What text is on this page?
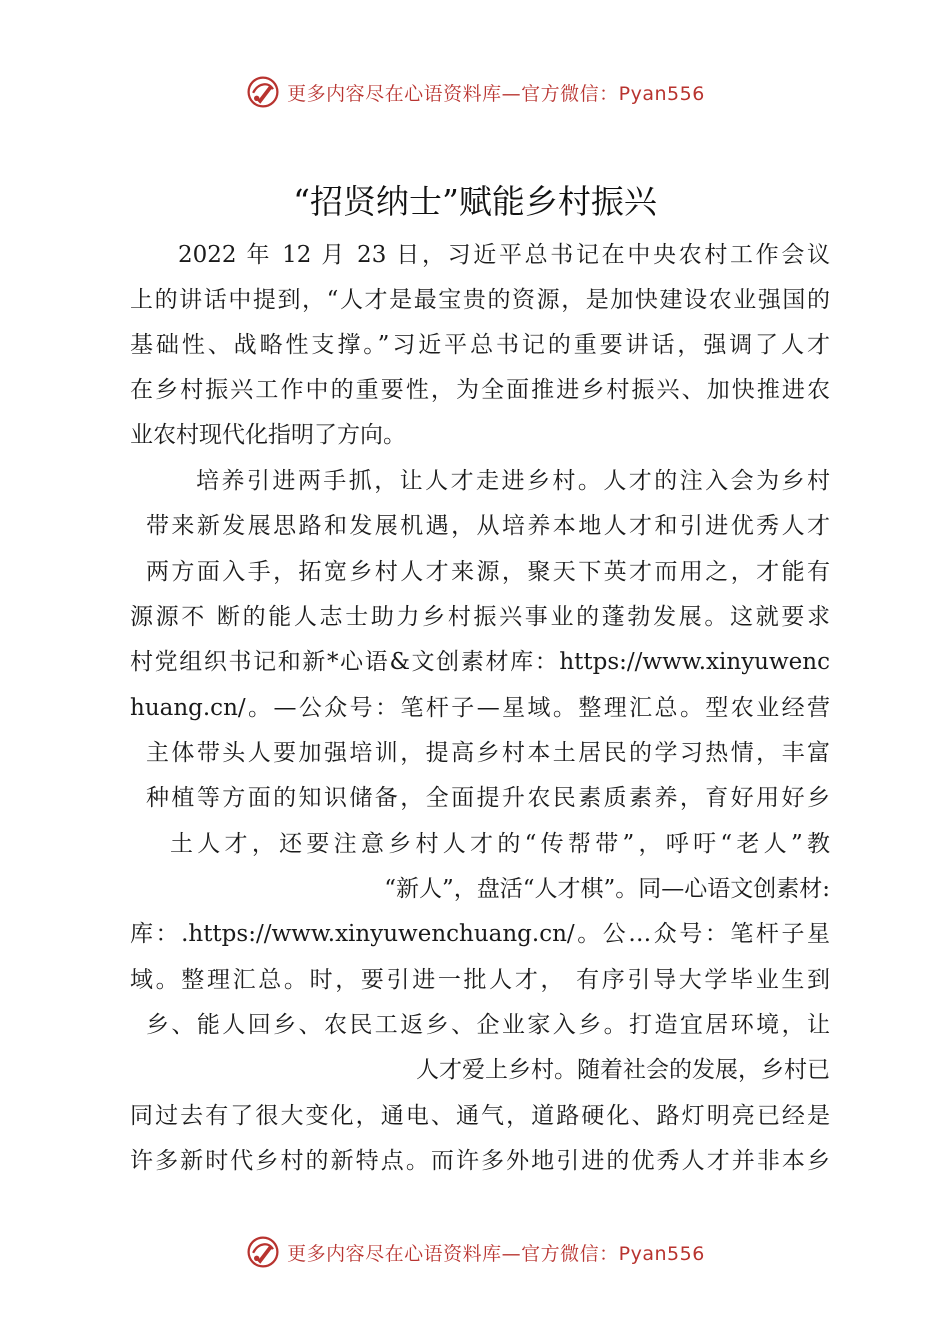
更多内容尽在心语资料库—官方微信：Pyan556
“招贤纳士”赋能乡村振兴
2022 年 12 月 23 日，习近平总书记在中央农村工作会议
上的讲话中提到，“人才是最宝贵的资源，是加快建设农业强国的
基础性、战略性支撑。”习近平总书记的重要讲话，强调了人才
在乡村振兴工作中的重要性，为全面推进乡村振兴、加快推进农
业农村现代化指明了方向。
培养引进两手抓，让人才走进乡村。人才的注入会为乡村
带来新发展思路和发展机遇，从培养本地人才和引进优秀人才
两方面入手，拓宽乡村人才来源，聚天下英才而用之，才能有
源源不 断的能人志士助力乡村振兴事业的蓬勃发展。这就要求
村党组织书记和新*心语&文创素材库：https://www.xinyuwenc
huang.cn/。—公众号：笔杆子—星域。整理汇总。型农业经营
主体带头人要加强培训，提高乡村本土居民的学习热情，丰富
种植等方面的知识储备，全面提升农民素质素养，育好用好乡
土人才，还要注意乡村人才的“传帮带”，呼吁“老人”教
“新人”，盘活“人才棋”。同—心语文创素材:
库：.https://www.xinyuwenchuang.cn/。公…众号：笔杆子星
域。整理汇总。时，要引进一批人才， 有序引导大学毕业生到
乡、能人回乡、农民工返乡、企业家入乡。打造宜居环境，让
人才爱上乡村。随着社会的发展，乡村已
同过去有了很大变化，通电、通气，道路硬化、路灯明亮已经是
许多新时代乡村的新特点。而许多外地引进的优秀人才并非本乡
更多内容尽在心语资料库—官方微信：Pyan556
